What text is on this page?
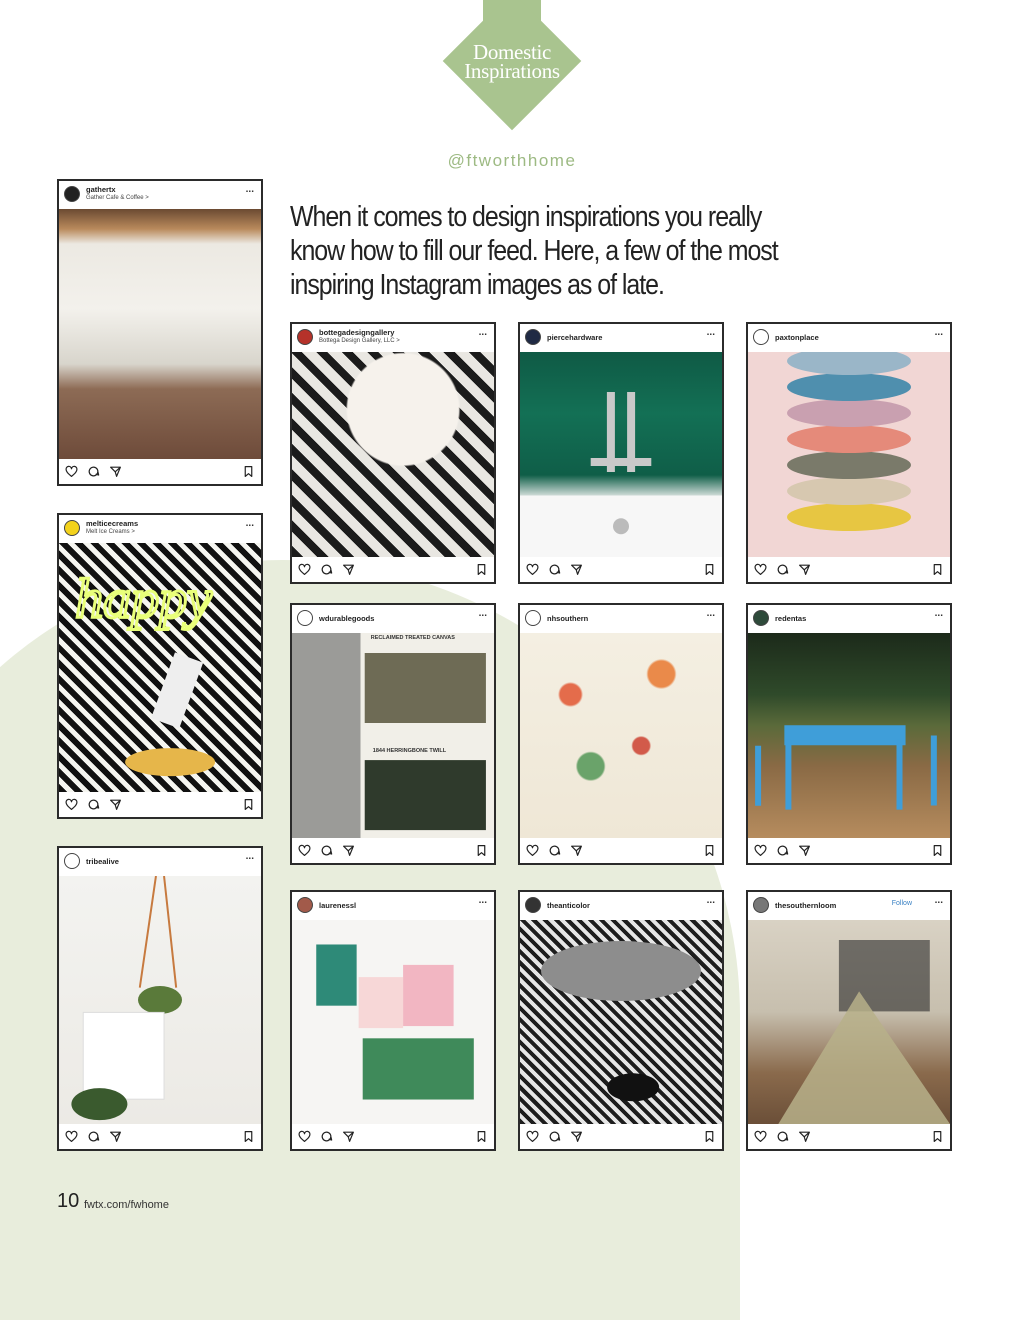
Domestic
Inspirations
@ftworthhome
When it comes to design inspirations you really
know how to fill our feed. Here, a few of the most
inspiring Instagram images as of late.
gathertx
Gather Cafe & Coffee >
...
bottegadesigngallery
Bottega Design Gallery, LLC >
...	piercehardware	...	paxtonplace	...
melticecreams
Melt Ice Creams >
...
happy	wdurablegoods	...
RECLAIMED TREATED CANVAS
1844 HERRINGBONE TWILL
nhsouthern	...	redentas	...
tribealive	...
laurenessl	...	theanticolor	...	thesouthernloom	Follow ...
10 fwtx.com/fwhome
